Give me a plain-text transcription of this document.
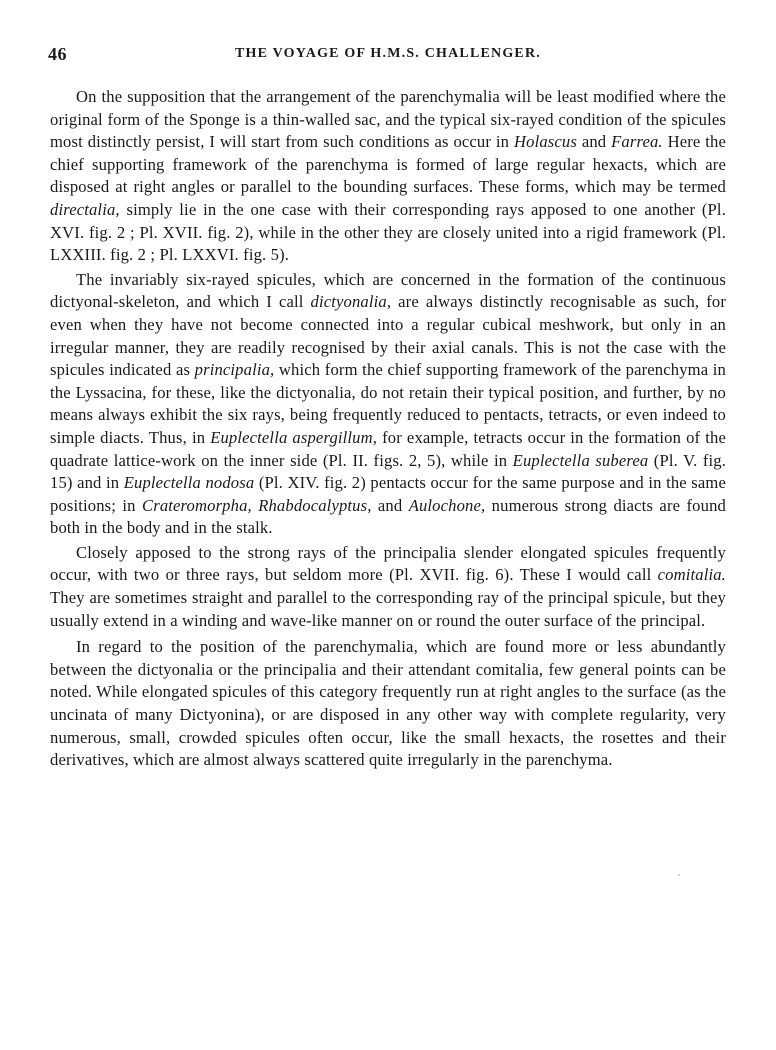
46	THE VOYAGE OF H.M.S. CHALLENGER.

On the supposition that the arrangement of the parenchymalia will be least modified where the original form of the Sponge is a thin-walled sac, and the typical six-rayed condition of the spicules most distinctly persist, I will start from such conditions as occur in Holascus and Farrea. Here the chief supporting framework of the parenchyma is formed of large regular hexacts, which are disposed at right angles or parallel to the bounding surfaces. These forms, which may be termed directalia, simply lie in the one case with their corresponding rays apposed to one another (Pl. XVI. fig. 2 ; Pl. XVII. fig. 2), while in the other they are closely united into a rigid framework (Pl. LXXIII. fig. 2 ; Pl. LXXVI. fig. 5).

The invariably six-rayed spicules, which are concerned in the formation of the continuous dictyonal-skeleton, and which I call dictyonalia, are always distinctly recognisable as such, for even when they have not become connected into a regular cubical meshwork, but only in an irregular manner, they are readily recognised by their axial canals. This is not the case with the spicules indicated as principalia, which form the chief supporting framework of the parenchyma in the Lyssacina, for these, like the dictyonalia, do not retain their typical position, and further, by no means always exhibit the six rays, being frequently reduced to pentacts, tetracts, or even indeed to simple diacts. Thus, in Euplectella aspergillum, for example, tetracts occur in the formation of the quadrate lattice-work on the inner side (Pl. II. figs. 2, 5), while in Euplectella suberea (Pl. V. fig. 15) and in Euplectella nodosa (Pl. XIV. fig. 2) pentacts occur for the same purpose and in the same positions; in Crateromorpha, Rhabdocalyptus, and Aulochone, numerous strong diacts are found both in the body and in the stalk.

Closely apposed to the strong rays of the principalia slender elongated spicules frequently occur, with two or three rays, but seldom more (Pl. XVII. fig. 6). These I would call comitalia. They are sometimes straight and parallel to the corresponding ray of the principal spicule, but they usually extend in a winding and wave-like manner on or round the outer surface of the principal.

In regard to the position of the parenchymalia, which are found more or less abundantly between the dictyonalia or the principalia and their attendant comitalia, few general points can be noted. While elongated spicules of this category frequently run at right angles to the surface (as the uncinata of many Dictyonina), or are disposed in any other way with complete regularity, very numerous, small, crowded spicules often occur, like the small hexacts, the rosettes and their derivatives, which are almost always scattered quite irregularly in the parenchyma.
